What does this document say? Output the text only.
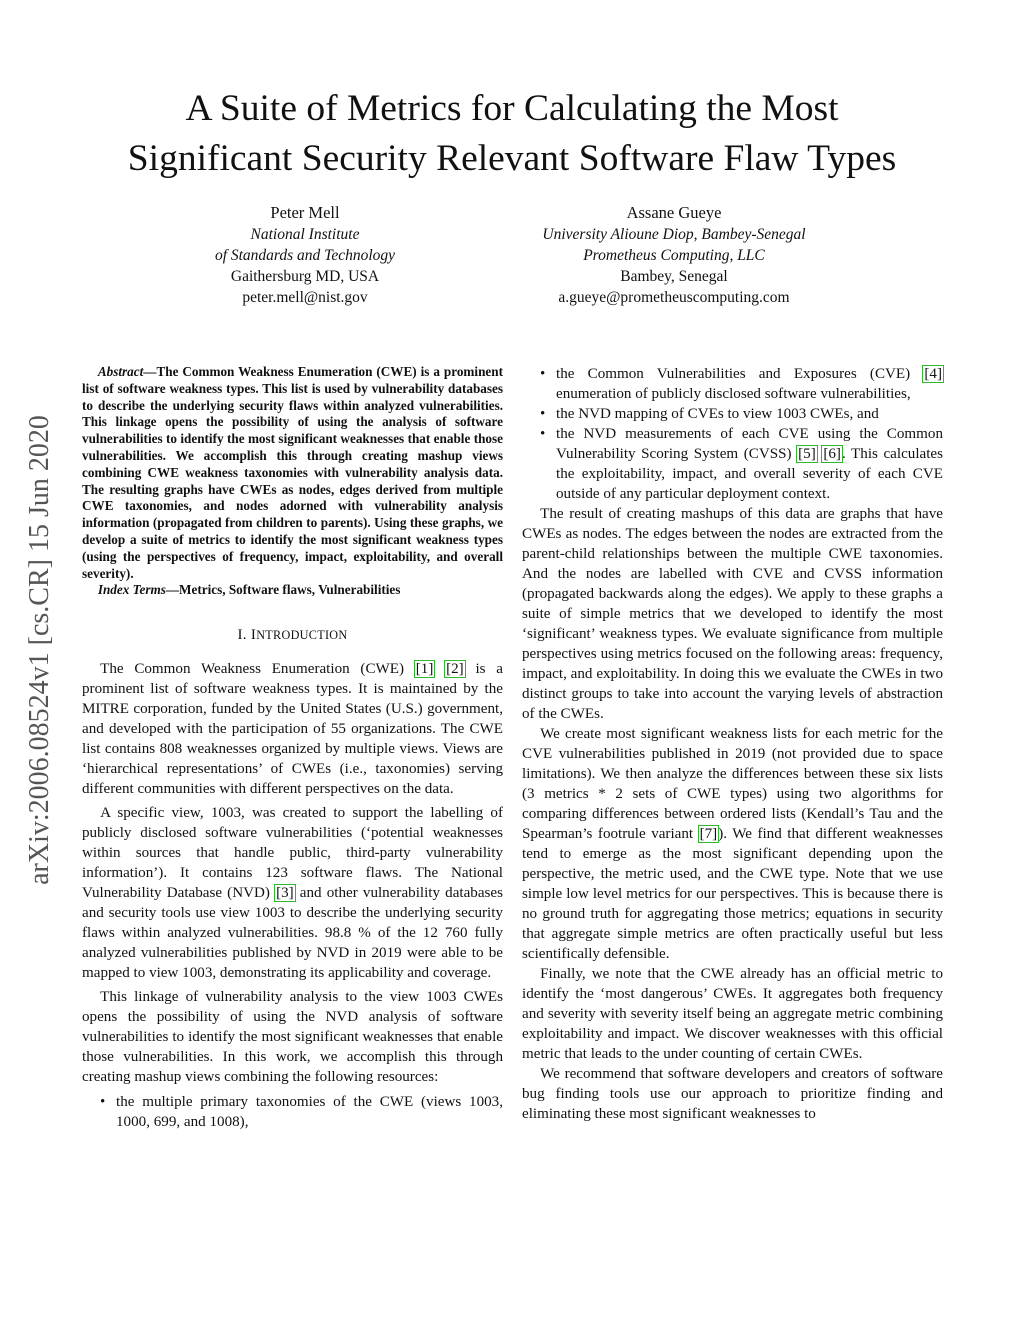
A Suite of Metrics for Calculating the Most
Significant Security Relevant Software Flaw Types
Peter Mell
National Institute
of Standards and Technology
Gaithersburg MD, USA
peter.mell@nist.gov
Assane Gueye
University Alioune Diop, Bambey-Senegal
Prometheus Computing, LLC
Bambey, Senegal
a.gueye@prometheuscomputing.com
arXiv:2006.08524v1 [cs.CR] 15 Jun 2020

Abstract—The Common Weakness Enumeration (CWE) is a prominent list of software weakness types. This list is used by vulnerability databases to describe the underlying security flaws within analyzed vulnerabilities. This linkage opens the possibility of using the analysis of software vulnerabilities to identify the most significant weaknesses that enable those vulnerabilities. We accomplish this through creating mashup views combining CWE weakness taxonomies with vulnerability analysis data. The resulting graphs have CWEs as nodes, edges derived from multiple CWE taxonomies, and nodes adorned with vulnerability analysis information (propagated from children to parents). Using these graphs, we develop a suite of metrics to identify the most significant weakness types (using the perspectives of frequency, impact, exploitability, and overall severity).

Index Terms—Metrics, Software flaws, Vulnerabilities

I. INTRODUCTION

The Common Weakness Enumeration (CWE) [1] [2] is a prominent list of software weakness types. It is maintained by the MITRE corporation, funded by the United States (U.S.) government, and developed with the participation of 55 organizations. The CWE list contains 808 weaknesses organized by multiple views. Views are ‘hierarchical representations’ of CWEs (i.e., taxonomies) serving different communities with different perspectives on the data.

A specific view, 1003, was created to support the labelling of publicly disclosed software vulnerabilities (‘potential weaknesses within sources that handle public, third-party vulnerability information’). It contains 123 software flaws. The National Vulnerability Database (NVD) [3] and other vulnerability databases and security tools use view 1003 to describe the underlying security flaws within analyzed vulnerabilities. 98.8 % of the 12 760 fully analyzed vulnerabilities published by NVD in 2019 were able to be mapped to view 1003, demonstrating its applicability and coverage.

This linkage of vulnerability analysis to the view 1003 CWEs opens the possibility of using the NVD analysis of software vulnerabilities to identify the most significant weaknesses that enable those vulnerabilities. In this work, we accomplish this through creating mashup views combining the following resources:

• the multiple primary taxonomies of the CWE (views 1003, 1000, 699, and 1008),
• the Common Vulnerabilities and Exposures (CVE) [4] enumeration of publicly disclosed software vulnerabilities,
• the NVD mapping of CVEs to view 1003 CWEs, and
• the NVD measurements of each CVE using the Common Vulnerability Scoring System (CVSS) [5] [6]. This calculates the exploitability, impact, and overall severity of each CVE outside of any particular deployment context.

The result of creating mashups of this data are graphs that have CWEs as nodes. The edges between the nodes are extracted from the parent-child relationships between the multiple CWE taxonomies. And the nodes are labelled with CVE and CVSS information (propagated backwards along the edges). We apply to these graphs a suite of simple metrics that we developed to identify the most ‘significant’ weakness types. We evaluate significance from multiple perspectives using metrics focused on the following areas: frequency, impact, and exploitability. In doing this we evaluate the CWEs in two distinct groups to take into account the varying levels of abstraction of the CWEs.

We create most significant weakness lists for each metric for the CVE vulnerabilities published in 2019 (not provided due to space limitations). We then analyze the differences between these six lists (3 metrics * 2 sets of CWE types) using two algorithms for comparing differences between ordered lists (Kendall’s Tau and the Spearman’s footrule variant [7]). We find that different weaknesses tend to emerge as the most significant depending upon the perspective, the metric used, and the CWE type. Note that we use simple low level metrics for our perspectives. This is because there is no ground truth for aggregating those metrics; equations in security that aggregate simple metrics are often practically useful but less scientifically defensible.

Finally, we note that the CWE already has an official metric to identify the ‘most dangerous’ CWEs. It aggregates both frequency and severity with severity itself being an aggregate metric combining exploitability and impact. We discover weaknesses with this official metric that leads to the under counting of certain CWEs.

We recommend that software developers and creators of software bug finding tools use our approach to prioritize finding and eliminating these most significant weaknesses to
